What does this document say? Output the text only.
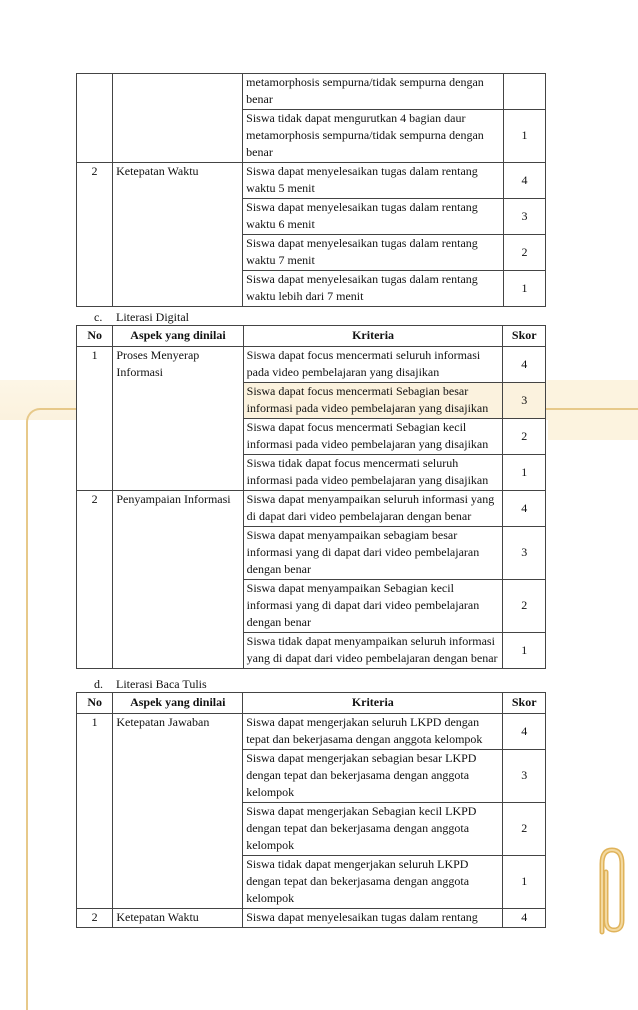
		metamorphosis sempurna/tidak sempurna dengan benar	
		Siswa tidak dapat mengurutkan 4 bagian daur metamorphosis sempurna/tidak sempurna dengan benar	1
2	Ketepatan Waktu	Siswa dapat menyelesaikan tugas dalam rentang waktu 5 menit	4
		Siswa dapat menyelesaikan tugas dalam rentang waktu 6 menit	3
		Siswa dapat menyelesaikan tugas dalam rentang waktu 7 menit	2
		Siswa dapat menyelesaikan tugas dalam rentang waktu lebih dari 7 menit	1
c. Literasi Digital
No	Aspek yang dinilai	Kriteria	Skor
1	Proses Menyerap Informasi	Siswa dapat focus mencermati seluruh informasi pada video pembelajaran yang disajikan	4
		Siswa dapat focus mencermati Sebagian besar informasi pada video pembelajaran yang disajikan	3
		Siswa dapat focus mencermati Sebagian kecil informasi pada video pembelajaran yang disajikan	2
		Siswa tidak dapat focus mencermati seluruh informasi pada video pembelajaran yang disajikan	1
2	Penyampaian Informasi	Siswa dapat menyampaikan seluruh informasi yang di dapat dari video pembelajaran dengan benar	4
		Siswa dapat menyampaikan sebagiam besar informasi yang di dapat dari video pembelajaran dengan benar	3
		Siswa dapat menyampaikan Sebagian kecil informasi yang di dapat dari video pembelajaran dengan benar	2
		Siswa tidak dapat menyampaikan seluruh informasi yang di dapat dari video pembelajaran dengan benar	1
d. Literasi Baca Tulis
No	Aspek yang dinilai	Kriteria	Skor
1	Ketepatan Jawaban	Siswa dapat mengerjakan seluruh LKPD dengan tepat dan bekerjasama dengan anggota kelompok	4
		Siswa dapat mengerjakan sebagian besar LKPD dengan tepat dan bekerjasama dengan anggota kelompok	3
		Siswa dapat mengerjakan Sebagian kecil LKPD dengan tepat dan bekerjasama dengan anggota kelompok	2
		Siswa tidak dapat mengerjakan seluruh LKPD dengan tepat dan bekerjasama dengan anggota kelompok	1
2	Ketepatan Waktu	Siswa dapat menyelesaikan tugas dalam rentang	4
